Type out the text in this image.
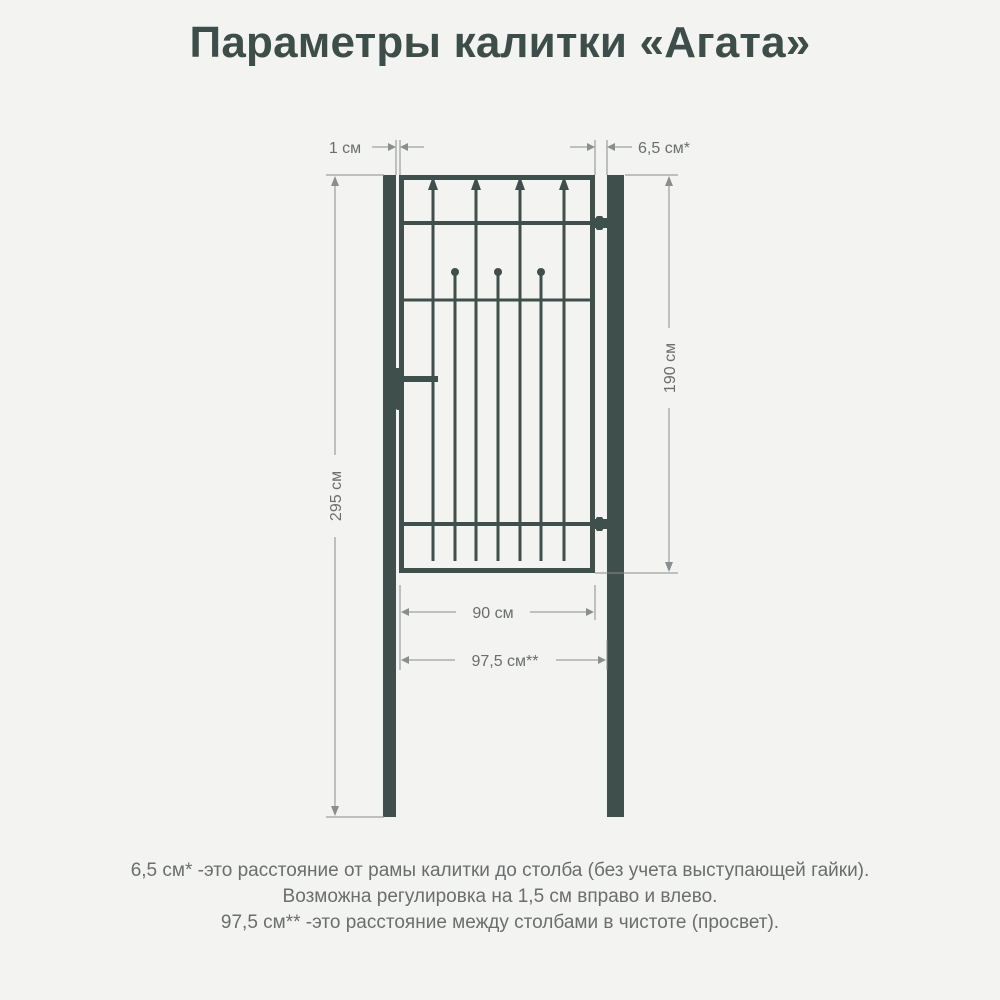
Параметры калитки «Агата»
1 см	6,5 см*
295 см
190 см
90 см
97,5 см**
6,5 см* -это расстояние от рамы калитки до столба (без учета выступающей гайки).
Возможна регулировка на 1,5 см вправо и влево.
97,5 см** -это расстояние между столбами в чистоте (просвет).
